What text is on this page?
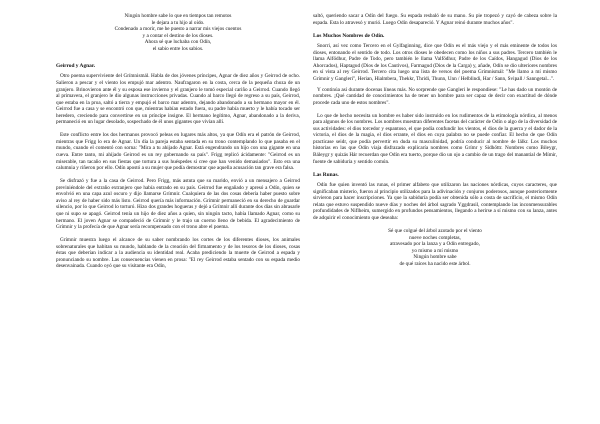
Ningún hombre sabe lo que en tiempos tan remotos
le dejara a tu hijo al oído.
Condenado a morir, me he puesto a narrar mis viejos cuentos
y a contar el destino de los dioses.
Ahora sé que luchaba con Odín,
el sabio entre los sabios.

Geirrod y Agnar.

Otro poema superviviente del Grímnismál. Habla de dos jóvenes príncipes, Agnar de diez años y Geirrod de ocho. Salieron a pescar y el viento los empujó mar adentro. Naufragaron en la costa, cerca de la pequeña choza de un granjero. Brinovieron ante él y su esposa ese invierno y el granjero le tomó especial cariño a Geirrod. Cuando llegó al primavera, el granjero le dio algunas instrucciones privadas. Cuando al barco llegó de regreso a su país, Geirrod, que estaba en la proa, saltó a tierra y empujó el barco mar adentro, dejando abandonado a su hermano mayor en él. Geirrod fue a casa y se encontró con que, mientras habían estado fuera, su padre había muerto y le había tocado ser heredero, creciendo para convertirse en un príncipe insigne. El hermano legítimo, Agnar, abandonado a la deriva, permaneció en un lugar desolado, sospechado de él unos gigantes que vivían allí.

Este conflicto entre los dos hermanos provocó peleas en lugares más altos, ya que Odín era el patrón de Geirrod, mientras que Frigg lo era de Agnar. Un día la pareja estaba sentada en su trono contemplando lo que pasaba en el mundo, cuando el comentó con sorna: "Mira a tu ahijado Agnar. Está engendrando un hijo con una gigante en una cueva. Entre tanto, mi ahijado Geirrod es un rey gobernando su país". Frigg replicó ácidamente: "Geirrod es un miserable, tan tacaño en sus fiestas que tortura a sus huéspedes si cree que han venido demasiados". Esto era una calumnia y riñeron por ello. Odín apostó a su mujer que podía demostrar que aquella acusación tan grave era falsa.

Se disfrazó y fue a la casa de Geirrod. Pero Frigg, más astuta que su marido, envió a un mensajero a Geirrod previniéndole del extraño extranjero que había entrado en su país. Geirrod fue engañado y apresó a Odín, quien se envolvió en una capa azul oscuro y dijo llamarse Grímnir. Cualquiera de las dos cosas debería haber puesto sobre aviso al rey de haber sido más listo. Geirrod quería más información. Grímnir permaneció en su derecho de guardar silencio, por lo que Geirrod lo torturó. Hizo dos grandes hogueras y dejó a Grímnir allí durante dos días sin abrasarle que ni supo se apagó. Geirrod tenía un hijo de diez años a quien, sin ningún tacto, había llamado Agnar, como su hermano. El joven Agnar se compadeció de Grímnir y le trajo un cuerno lleno de bebida. El agradecimiento de Grímnir y la profecía de que Agnar sería recompensado con el trono abre el poema.

Grímnir muestra luego el alcance de su saber nombrando los cortes de los diferentes dioses, los animales sobrenaturales que habitan su mundo, hablando de la creación del firmamento y de los tesoros de los dioses, cosas éstas que deberían indicar a la audiencia su identidad real. Acaba prediciendo la muerte de Geirrod a espada y pronunciando su nombre. Las consecuencias vienen en prosa: "El rey Geirrod estaba sentado con su espada medio desenvainada. Cuando oyó que su visitante era Odín,

saltó, queriendo sacar a Odín del fuego. Su espada resbaló de su mano. Su pie tropezó y cayó de cabeza sobre la espada. Esta lo atravesó y murió. Luego Odín desapareció. Y Agnar reinó durante muchos años".

Los Muchos Nombres de Odín.

Snorri, así vez como Tercero en el Gylfaginning, dice que Odín es el más viejo y el más eminente de todos los dioses, entonando el sentido de todo. Los otros dioses le obedecen como los niños a sus padres. Tercero también le llama Alfödhur, Padre de Todo, pero también le llama Valfödhur, Padre de los Caídos, Hangagud (Dios de los Ahorcados), Haptagud (Dios de los Cautivos), Farmagud (Dios de la Carga) y, añade, Odín se dio ulteriores nombres en sí vista al rey Geirrod. Tercero cita luego una lista de versos del poema Grímnismál: "Me llamo a mí mismo Grímnir y Gangleri", Herian, Hialmbera, Thekkr, Thridi, Thunn, Unn / Helblindi, Har / Sann, Svipall / Sanngetal...".

Y continúa así durante docenas líneas más. No sorprende que Gangleri le respondiese: "Le has dado un montón de nombres. ¡Qué cantidad de conocimientos ha de tener un hombre para ser capaz de decir con exactitud de dónde procede cada uno de estos nombres".

Lo que de hecho necesita un hombre es haber sido instruido en los rudimentos de la etimología nórdica, al menos para algunos de los nombres. Los nombres muestran diferentes facetas del carácter de Odín o algo de la diversidad de sus actividades: el dios torcedor y espantoso, el que podía confundir los vientos, el dios de la guerra y el dador de la victoria, el dios de la magia, el dios errante, el dios en cuya palabra no se puede confiar. El hecho de que Odín practicase seidr, que podía pervertir en duda su masculinidad, podría conducir al nombre de Iálkr. Los muchos historias en las que Odín viaja disfrazado explicaría nombres como Grímr y Sidhöttr. Nombres como Bileygr, Báleygr y quizás Hár recuerdan que Odín era tuerto, porque dio un ojo a cambio de un trago del manantial de Mímir, fuente de sabiduría y sentido común.

Las Runas.

Odín fue quien inventó las runas, el primer alfabeto que utilizaron las naciones nórdicas, cuyos caracteres, que significaban misterio, fueron al principio utilizados para la adivinación y conjuros poderosos, aunque posteriormente sirvieron para hacer inscripciones. Ya que la sabiduría podía ser obtenida sólo a costa de sacrificio, el mismo Odín relata que estuvo suspendido nueve días y noches del árbol sagrado Yggdrasil, contemplando las inconmensurables profundidades de Niflheim, sumergido en profundos pensamientos, llegando a herirse a sí mismo con su lanza, antes de adquirir el conocimiento que deseaba:

Sé que colgué del árbol azotado por el viento
nueve noches completas,
atravesado por la lanza y a Odín entregado,
yo mismo a mí mismo
Ningún hombre sabe
de qué raíces ha nacido este árbol.
